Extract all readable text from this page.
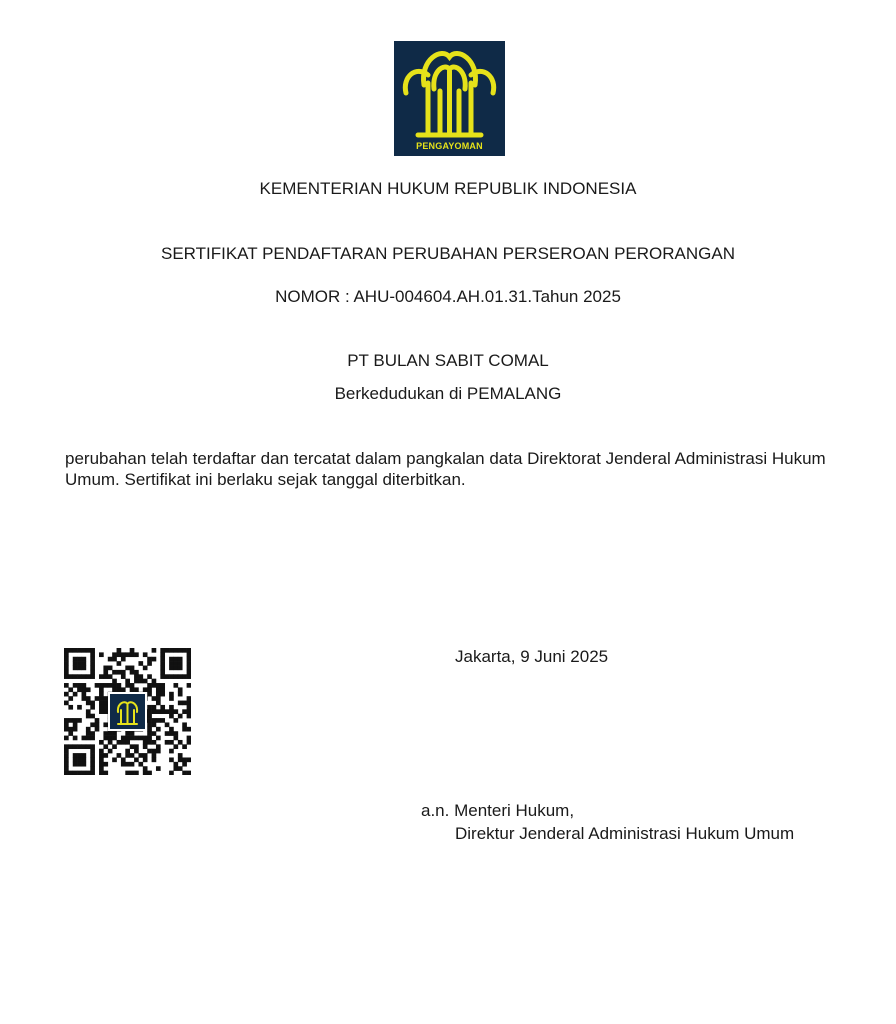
PENGAYOMAN
KEMENTERIAN HUKUM REPUBLIK INDONESIA
SERTIFIKAT PENDAFTARAN PERUBAHAN PERSEROAN PERORANGAN
NOMOR : AHU-004604.AH.01.31.Tahun 2025
PT BULAN SABIT COMAL
Berkedudukan di PEMALANG
perubahan telah terdaftar dan tercatat dalam pangkalan data Direktorat Jenderal Administrasi Hukum Umum. Sertifikat ini berlaku sejak tanggal diterbitkan.
Jakarta, 9 Juni 2025
a.n. Menteri Hukum,
Direktur Jenderal Administrasi Hukum Umum
